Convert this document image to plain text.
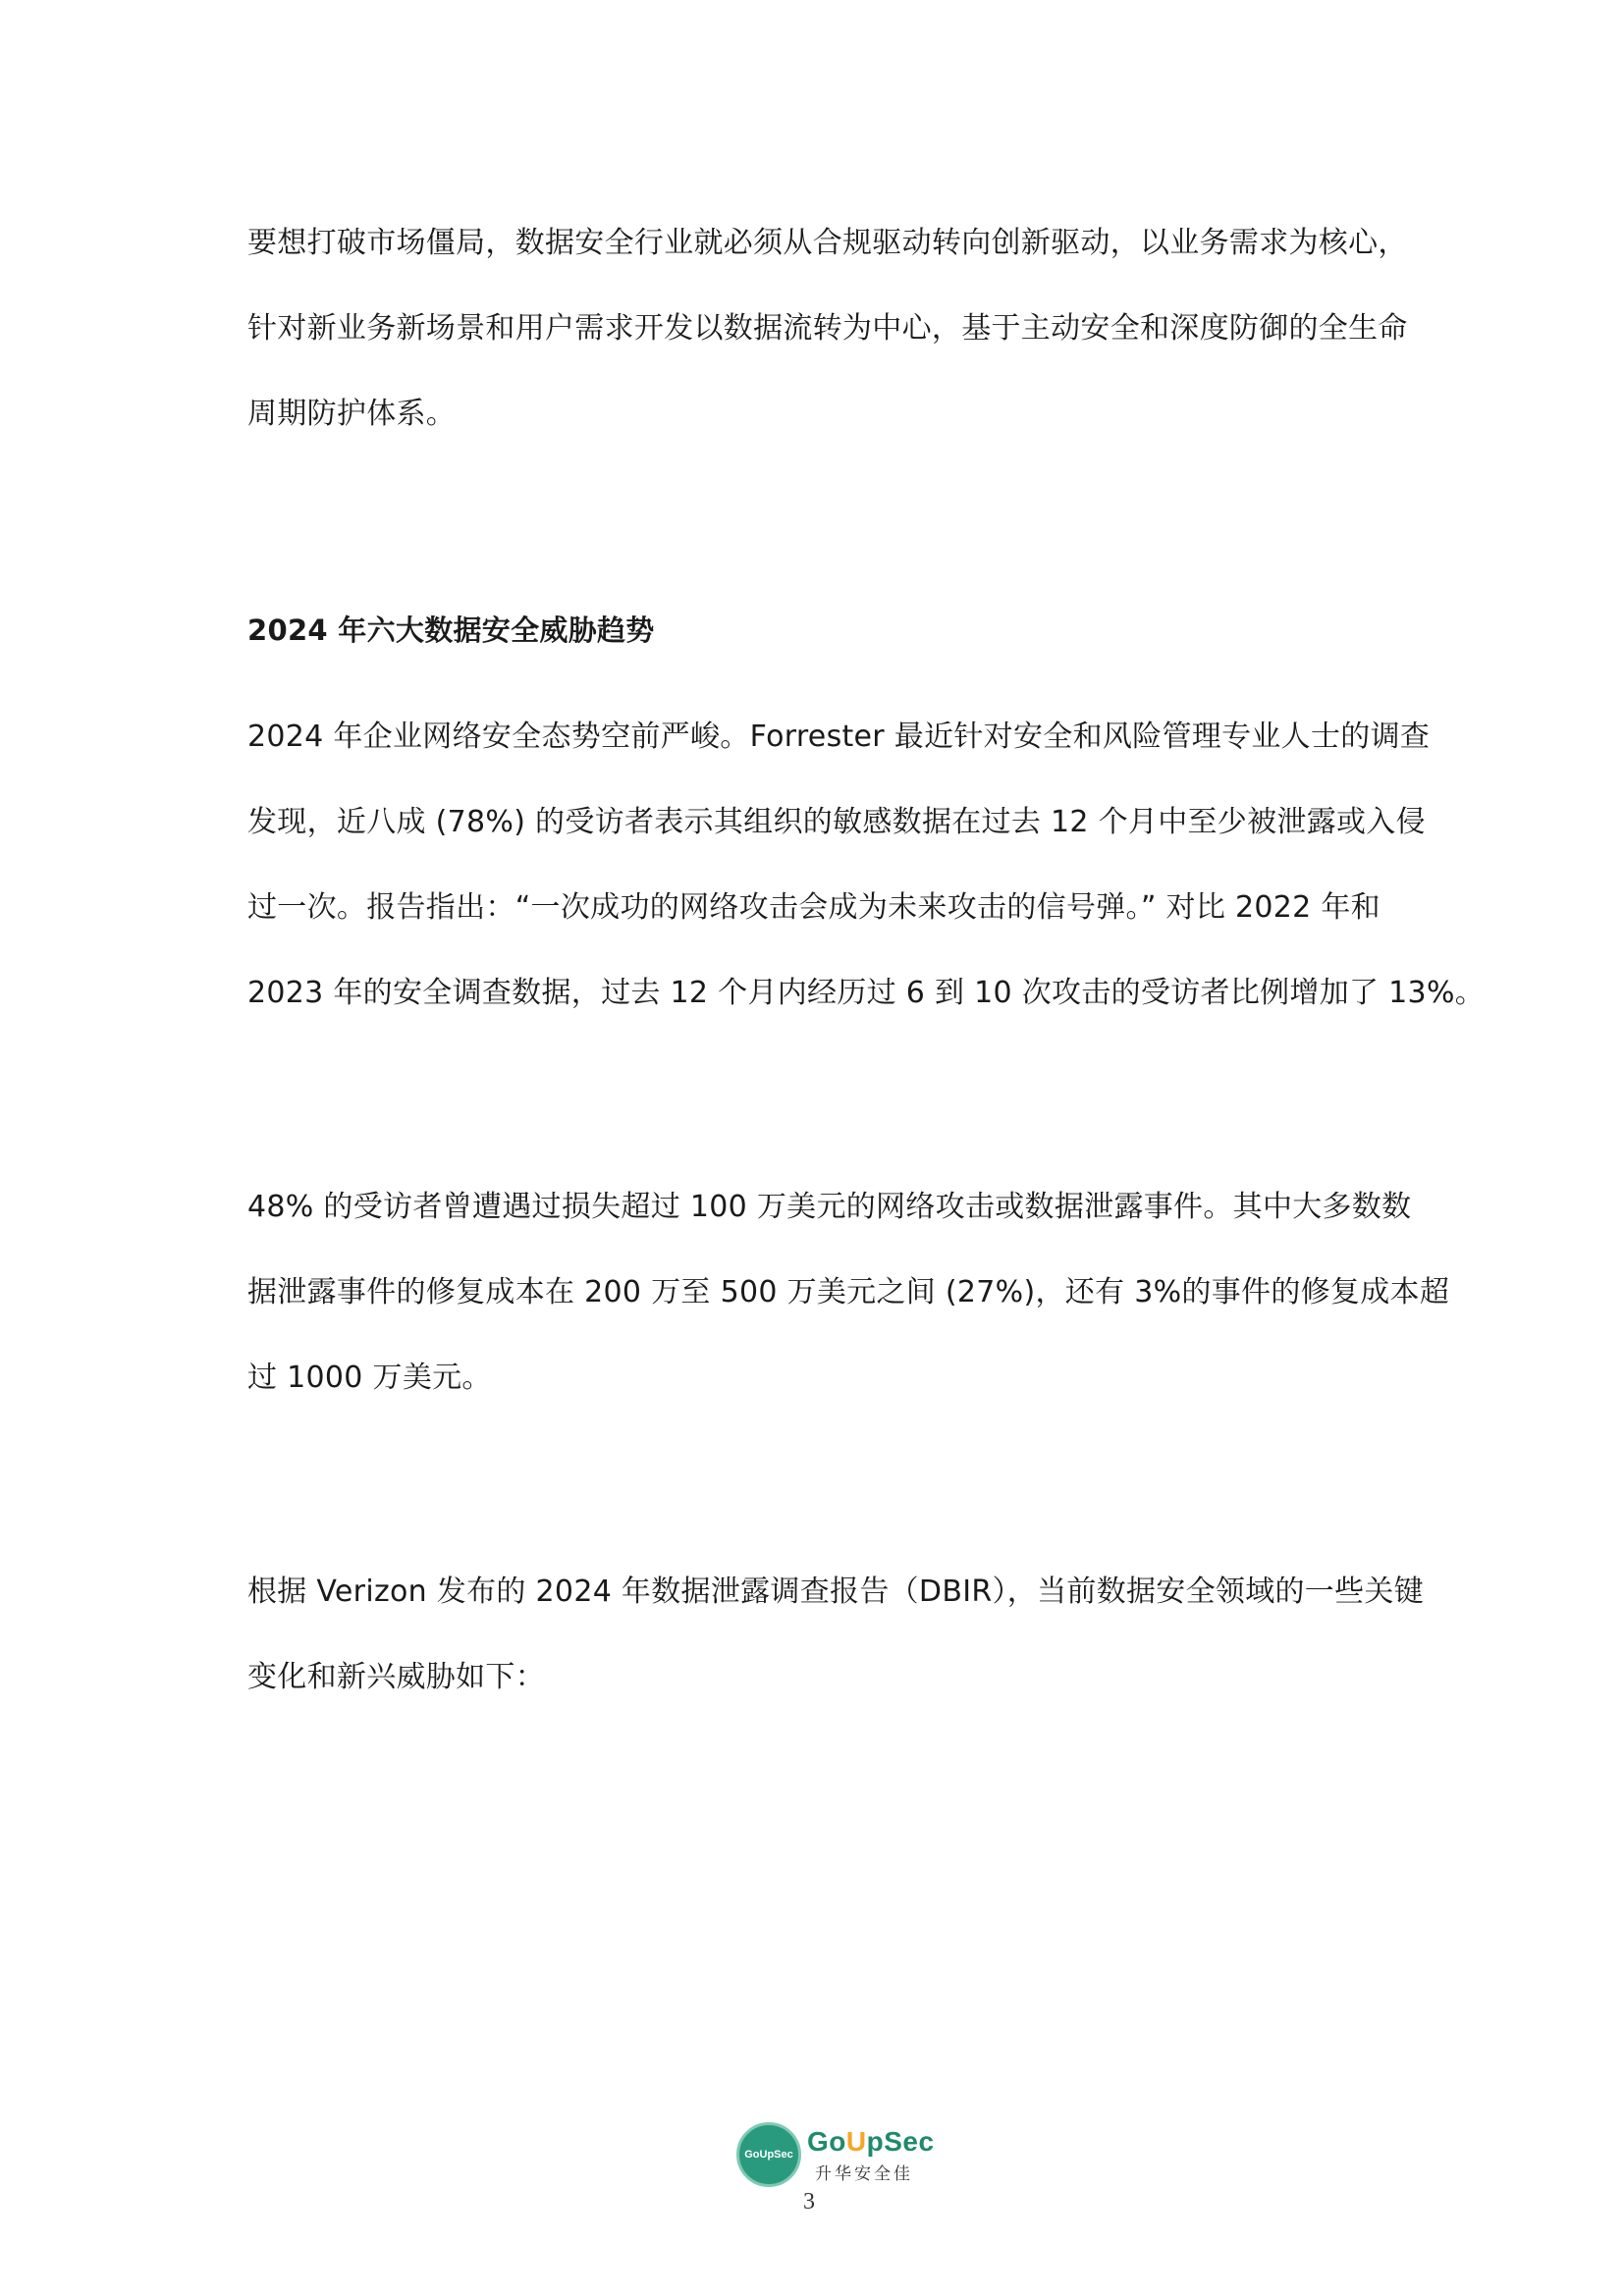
要想打破市场僵局，数据安全行业就必须从合规驱动转向创新驱动，以业务需求为核心，
针对新业务新场景和用户需求开发以数据流转为中心，基于主动安全和深度防御的全生命
周期防护体系。
2024 年六大数据安全威胁趋势
2024 年企业网络安全态势空前严峻。Forrester 最近针对安全和风险管理专业人士的调查
发现，近八成 (78%) 的受访者表示其组织的敏感数据在过去 12 个月中至少被泄露或入侵
过一次。报告指出：“一次成功的网络攻击会成为未来攻击的信号弹。” 对比 2022 年和
2023 年的安全调查数据，过去 12 个月内经历过 6 到 10 次攻击的受访者比例增加了 13%。
48% 的受访者曾遭遇过损失超过 100 万美元的网络攻击或数据泄露事件。其中大多数数
据泄露事件的修复成本在 200 万至 500 万美元之间 (27%)，还有 3%的事件的修复成本超
过 1000 万美元。
根据 Verizon 发布的 2024 年数据泄露调查报告（DBIR），当前数据安全领域的一些关键
变化和新兴威胁如下：
GoUpSec GoUpSec
升华安全佳
3
